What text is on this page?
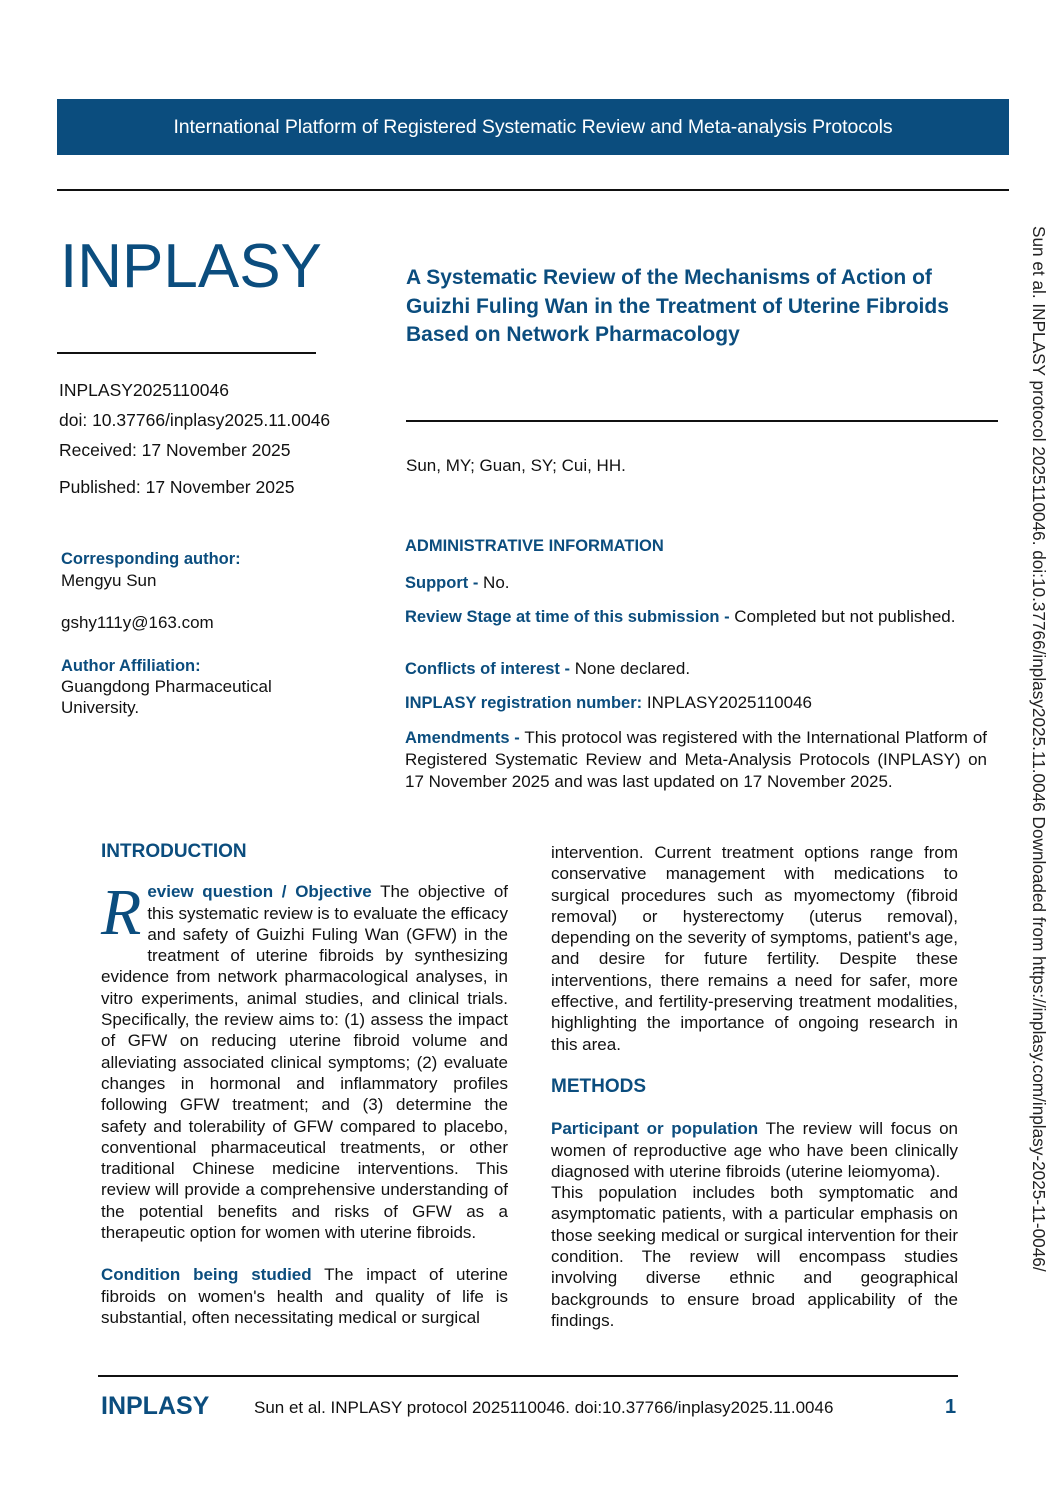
International Platform of Registered Systematic Review and Meta-analysis Protocols
INPLASY
INPLASY2025110046
doi: 10.37766/inplasy2025.11.0046
Received: 17 November 2025
Published: 17 November 2025
A Systematic Review of the Mechanisms of Action of Guizhi Fuling Wan in the Treatment of Uterine Fibroids Based on Network Pharmacology
Sun, MY; Guan, SY; Cui, HH.
Corresponding author:
Mengyu Sun
gshy111y@163.com
Author Affiliation:
Guangdong Pharmaceutical University.
ADMINISTRATIVE INFORMATION
Support - No.
Review Stage at time of this submission - Completed but not published.
Conflicts of interest - None declared.
INPLASY registration number: INPLASY2025110046
Amendments - This protocol was registered with the International Platform of Registered Systematic Review and Meta-Analysis Protocols (INPLASY) on 17 November 2025 and was last updated on 17 November 2025.
INTRODUCTION

Review question / Objective The objective of this systematic review is to evaluate the efficacy and safety of Guizhi Fuling Wan (GFW) in the treatment of uterine fibroids by synthesizing evidence from network pharmacological analyses, in vitro experiments, animal studies, and clinical trials. Specifically, the review aims to: (1) assess the impact of GFW on reducing uterine fibroid volume and alleviating associated clinical symptoms; (2) evaluate changes in hormonal and inflammatory profiles following GFW treatment; and (3) determine the safety and tolerability of GFW compared to placebo, conventional pharmaceutical treatments, or other traditional Chinese medicine interventions. This review will provide a comprehensive understanding of the potential benefits and risks of GFW as a therapeutic option for women with uterine fibroids.

Condition being studied The impact of uterine fibroids on women's health and quality of life is substantial, often necessitating medical or surgical

intervention. Current treatment options range from conservative management with medications to surgical procedures such as myomectomy (fibroid removal) or hysterectomy (uterus removal), depending on the severity of symptoms, patient's age, and desire for future fertility. Despite these interventions, there remains a need for safer, more effective, and fertility-preserving treatment modalities, highlighting the importance of ongoing research in this area.

METHODS

Participant or population The review will focus on women of reproductive age who have been clinically diagnosed with uterine fibroids (uterine leiomyoma).

This population includes both symptomatic and asymptomatic patients, with a particular emphasis on those seeking medical or surgical intervention for their condition. The review will encompass studies involving diverse ethnic and geographical backgrounds to ensure broad applicability of the findings.

INPLASY	Sun et al. INPLASY protocol 2025110046. doi:10.37766/inplasy2025.11.0046	1
Sun et al. INPLASY protocol 2025110046. doi:10.37766/inplasy2025.11.0046 Downloaded from https://inplasy.com/inplasy-2025-11-0046/
